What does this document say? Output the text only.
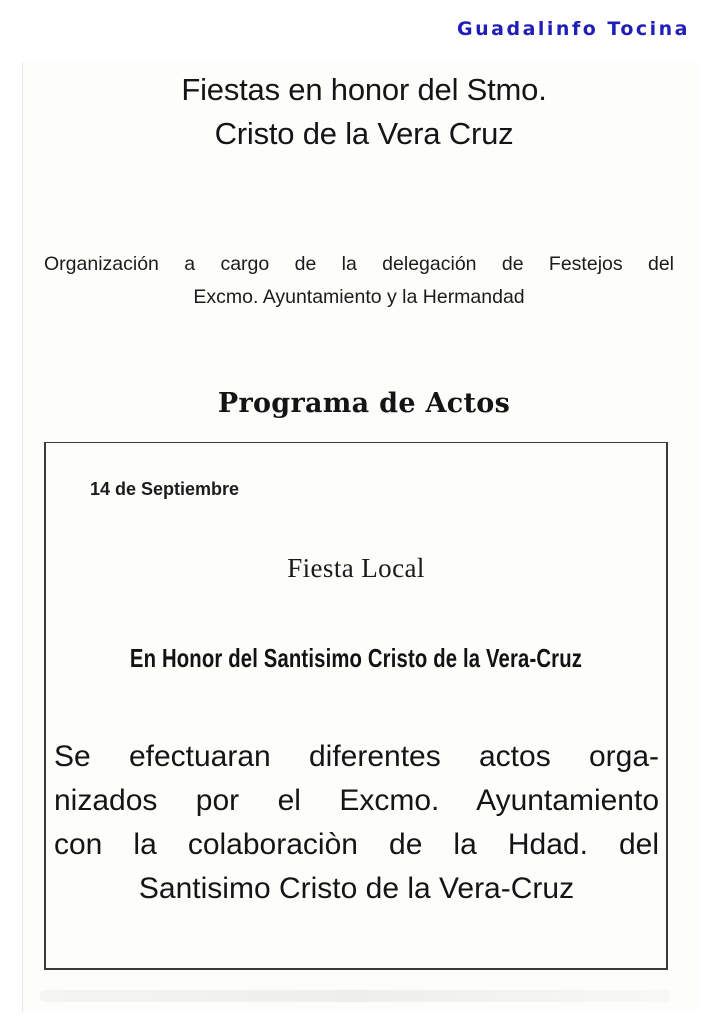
Guadalinfo Tocina
Fiestas en honor del Stmo.
Cristo de la Vera Cruz
Organización a cargo de la delegación de Festejos del
Excmo. Ayuntamiento y la Hermandad
Programa de Actos
14 de Septiembre
Fiesta Local
En Honor del Santisimo Cristo de la Vera-Cruz
Se efectuaran diferentes actos orga-
nizados por el Excmo. Ayuntamiento
con la colaboraciòn de la Hdad. del
Santisimo Cristo de la Vera-Cruz
